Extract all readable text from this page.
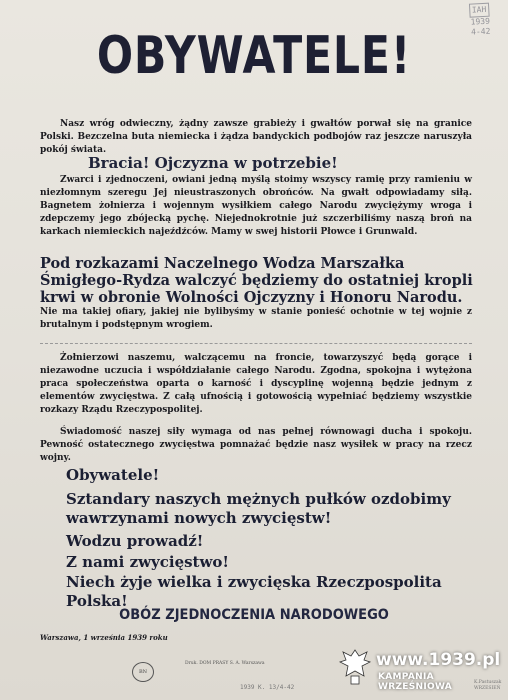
IAH
1939
4-42
OBYWATELE!
Nasz wróg odwieczny, żądny zawsze grabieży i gwałtów porwał się na granice Polski. Bezczelna buta niemiecka i żądza bandyckich podbojów raz jeszcze naruszyła pokój świata.
Bracia! Ojczyzna w potrzebie!
Zwarci i zjednoczeni, owiani jedną myślą stoimy wszyscy ramię przy ramieniu w niezłomnym szeregu Jej nieustraszonych obrońców. Na gwałt odpowiadamy siłą. Bagnetem żołnierza i wojennym wysiłkiem całego Narodu zwyciężymy wroga i zdepczemy jego zbójecką pychę. Niejednokrotnie już szczerbiliśmy naszą broń na karkach niemieckich najeźdźców. Mamy w swej historii Płowce i Grunwald.
Pod rozkazami Naczelnego Wodza Marszałka Śmigłego-Rydza walczyć będziemy do ostatniej kropli krwi w obronie Wolności Ojczyzny i Honoru Narodu.
Nie ma takiej ofiary, jakiej nie bylibyśmy w stanie ponieść ochotnie w tej wojnie z brutalnym i podstępnym wrogiem.
Żołnierzowi naszemu, walczącemu na froncie, towarzyszyć będą gorące i niezawodne uczucia i współdziałanie całego Narodu. Zgodna, spokojna i wytężona praca społeczeństwa oparta o karność i dyscyplinę wojenną będzie jednym z elementów zwycięstwa. Z całą ufnością i gotowością wypełniać będziemy wszystkie rozkazy Rządu Rzeczypospolitej.
Świadomość naszej siły wymaga od nas pełnej równowagi ducha i spokoju. Pewność ostatecznego zwycięstwa pomnażać będzie nasz wysiłek w pracy na rzecz wojny.
Obywatele!
Sztandary naszych mężnych pułków ozdobimy
wawrzynami nowych zwycięstw!
Wodzu prowadź!
Z nami zwycięstwo!
Niech żyje wielka i zwycięska Rzeczpospolita Polska!
OBÓZ ZJEDNOCZENIA NARODOWEGO
Warszawa, 1 września 1939 roku
BN
Druk. DOM PRASY S. A. Warszawa
1939 K. 13/4-42
K.Pastuszak
WRZESIEŃ
www.1939.pl
KAMPANIA WRZEŚNIOWA
